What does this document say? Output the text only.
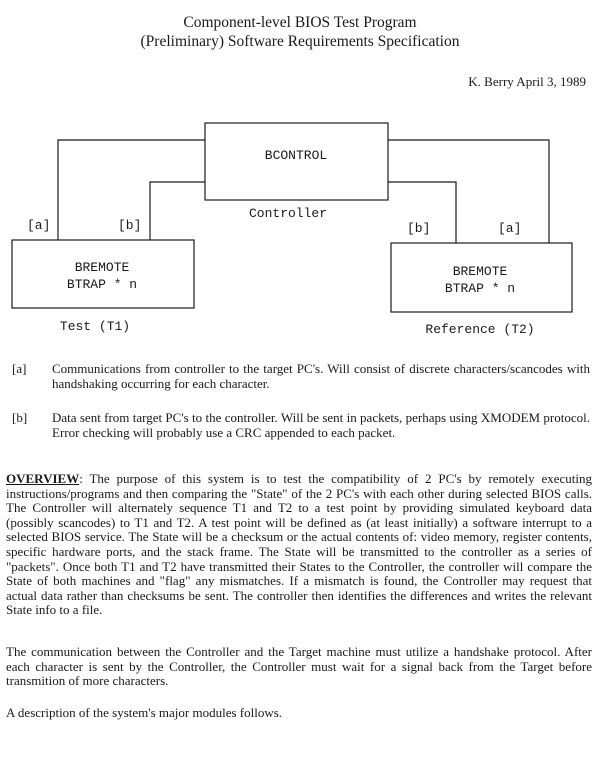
Component-level BIOS Test Program
(Preliminary) Software Requirements Specification
K. Berry April 3, 1989
BCONTROL
Controller
[a]	[b]	[b]	[a]
BREMOTE
BTRAP * n
Test (T1)
BREMOTE
BTRAP * n
Reference (T2)
[a] Communications from controller to the target PC's. Will consist of discrete characters/scancodes with handshaking occurring for each character.
[b] Data sent from target PC's to the controller. Will be sent in packets, perhaps using XMODEM protocol. Error checking will probably use a CRC appended to each packet.
OVERVIEW: The purpose of this system is to test the compatibility of 2 PC's by remotely executing instructions/programs and then comparing the "State" of the 2 PC's with each other during selected BIOS calls. The Controller will alternately sequence T1 and T2 to a test point by providing simulated keyboard data (possibly scancodes) to T1 and T2. A test point will be defined as (at least initially) a software interrupt to a selected BIOS service. The State will be a checksum or the actual contents of: video memory, register contents, specific hardware ports, and the stack frame. The State will be transmitted to the controller as a series of "packets". Once both T1 and T2 have transmitted their States to the Controller, the controller will compare the State of both machines and "flag" any mismatches. If a mismatch is found, the Controller may request that actual data rather than checksums be sent. The controller then identifies the differences and writes the relevant State info to a file.
The communication between the Controller and the Target machine must utilize a handshake protocol. After each character is sent by the Controller, the Controller must wait for a signal back from the Target before transmition of more characters.
A description of the system's major modules follows.
